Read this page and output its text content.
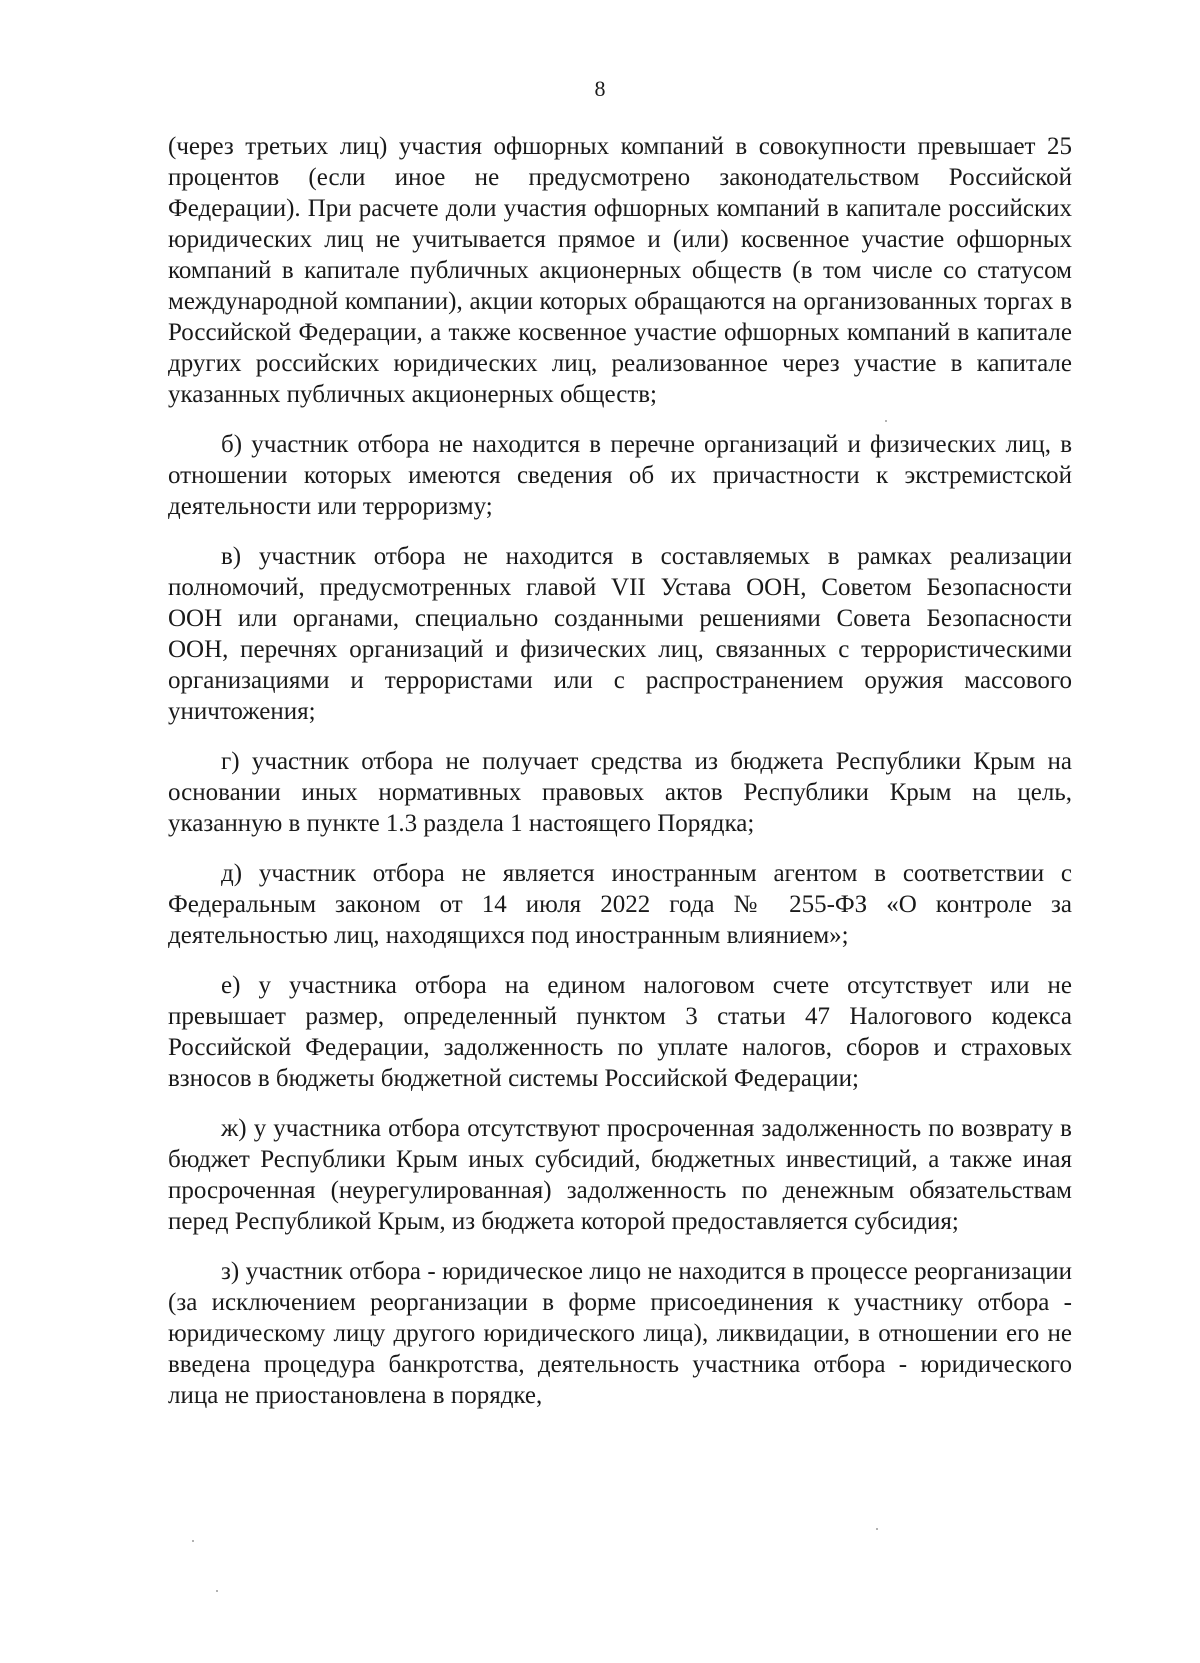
8

(через третьих лиц) участия офшорных компаний в совокупности превышает 25 процентов (если иное не предусмотрено законодательством Российской Федерации). При расчете доли участия офшорных компаний в капитале российских юридических лиц не учитывается прямое и (или) косвенное участие офшорных компаний в капитале публичных акционерных обществ (в том числе со статусом международной компании), акции которых обращаются на организованных торгах в Российской Федерации, а также косвенное участие офшорных компаний в капитале других российских юридических лиц, реализованное через участие в капитале указанных публичных акционерных обществ;

б) участник отбора не находится в перечне организаций и физических лиц, в отношении которых имеются сведения об их причастности к экстремистской деятельности или терроризму;

в) участник отбора не находится в составляемых в рамках реализации полномочий, предусмотренных главой VII Устава ООН, Советом Безопасности ООН или органами, специально созданными решениями Совета Безопасности ООН, перечнях организаций и физических лиц, связанных с террористическими организациями и террористами или с распространением оружия массового уничтожения;

г) участник отбора не получает средства из бюджета Республики Крым на основании иных нормативных правовых актов Республики Крым на цель, указанную в пункте 1.3 раздела 1 настоящего Порядка;

д) участник отбора не является иностранным агентом в соответствии с Федеральным законом от 14 июля 2022 года № 255-ФЗ «О контроле за деятельностью лиц, находящихся под иностранным влиянием»;

е) у участника отбора на едином налоговом счете отсутствует или не превышает размер, определенный пунктом 3 статьи 47 Налогового кодекса Российской Федерации, задолженность по уплате налогов, сборов и страховых взносов в бюджеты бюджетной системы Российской Федерации;

ж) у участника отбора отсутствуют просроченная задолженность по возврату в бюджет Республики Крым иных субсидий, бюджетных инвестиций, а также иная просроченная (неурегулированная) задолженность по денежным обязательствам перед Республикой Крым, из бюджета которой предоставляется субсидия;

з) участник отбора - юридическое лицо не находится в процессе реорганизации (за исключением реорганизации в форме присоединения к участнику отбора - юридическому лицу другого юридического лица), ликвидации, в отношении его не введена процедура банкротства, деятельность участника отбора - юридического лица не приостановлена в порядке,
